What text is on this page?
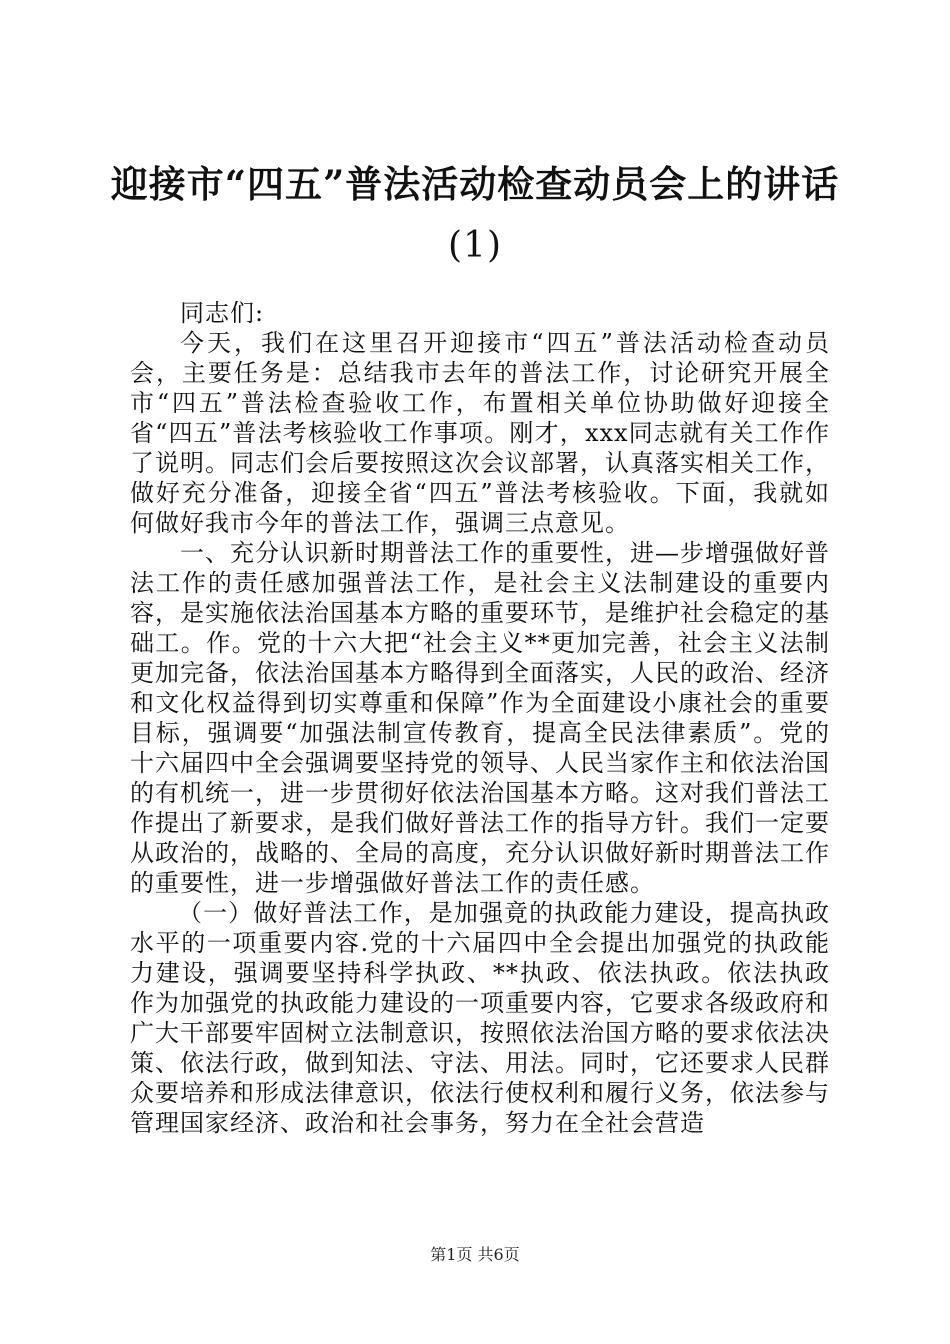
迎接市“四五”普法活动检查动员会上的讲话
(1)

同志们:

今天，我们在这里召开迎接市“四五”普法活动检查动员会，主要任务是：总结我市去年的普法工作，讨论研究开展全市“四五”普法检查验收工作，布置相关单位协助做好迎接全省“四五”普法考核验收工作事项。刚才，xxx同志就有关工作作了说明。同志们会后要按照这次会议部署，认真落实相关工作，做好充分准备，迎接全省“四五”普法考核验收。下面，我就如何做好我市今年的普法工作，强调三点意见。

一、充分认识新时期普法工作的重要性，进—步增强做好普法工作的责任感加强普法工作，是社会主义法制建设的重要内容，是实施依法治国基本方略的重要环节，是维护社会稳定的基础工。作。党的十六大把“社会主义**更加完善，社会主义法制更加完备，依法治国基本方略得到全面落实，人民的政治、经济和文化权益得到切实尊重和保障”作为全面建设小康社会的重要目标，强调要“加强法制宣传教育，提高全民法律素质”。党的十六届四中全会强调要坚持党的领导、人民当家作主和依法治国的有机统一，进一步贯彻好依法治国基本方略。这对我们普法工作提出了新要求，是我们做好普法工作的指导方针。我们一定要从政治的，战略的、全局的高度，充分认识做好新时期普法工作的重要性，进一步增强做好普法工作的责任感。

（一）做好普法工作，是加强竟的执政能力建设，提高执政水平的一项重要内容.党的十六届四中全会提出加强党的执政能力建设，强调要坚持科学执政、**执政、依法执政。依法执政作为加强党的执政能力建设的一项重要内容，它要求各级政府和广大干部要牢固树立法制意识，按照依法治国方略的要求依法决策、依法行政，做到知法、守法、用法。同时，它还要求人民群众要培养和形成法律意识，依法行使权利和履行义务，依法参与管理国家经济、政治和社会事务，努力在全社会营造

第1页 共6页
